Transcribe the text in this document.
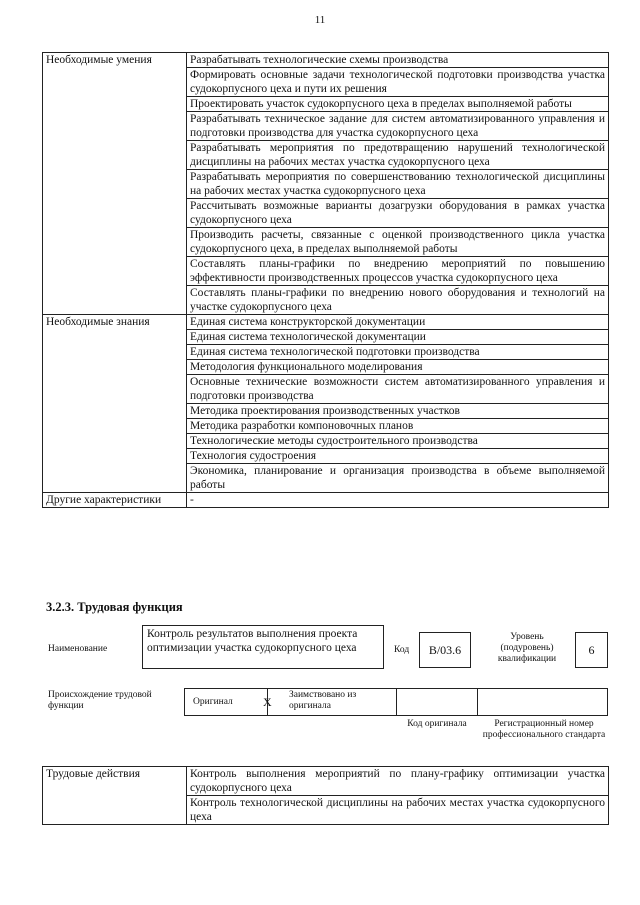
11
Необходимые умения	Разрабатывать технологические схемы производства
	Формировать основные задачи технологической подготовки производства участка судокорпусного цеха и пути их решения
	Проектировать участок судокорпусного цеха в пределах выполняемой работы
	Разрабатывать техническое задание для систем автоматизированного управления и подготовки производства для участка судокорпусного цеха
	Разрабатывать мероприятия по предотвращению нарушений технологической дисциплины на рабочих местах участка судокорпусного цеха
	Разрабатывать мероприятия по совершенствованию технологической дисциплины на рабочих местах участка судокорпусного цеха
	Рассчитывать возможные варианты дозагрузки оборудования в рамках участка судокорпусного цеха
	Производить расчеты, связанные с оценкой производственного цикла участка судокорпусного цеха, в пределах выполняемой работы
	Составлять планы-графики по внедрению мероприятий по повышению эффективности производственных процессов участка судокорпусного цеха
	Составлять планы-графики по внедрению нового оборудования и технологий на участке судокорпусного цеха
Необходимые знания	Единая система конструкторской документации
	Единая система технологической документации
	Единая система технологической подготовки производства
	Методология функционального моделирования
	Основные технические возможности систем автоматизированного управления и подготовки производства
	Методика проектирования производственных участков
	Методика разработки компоновочных планов
	Технологические методы судостроительного производства
	Технология судостроения
	Экономика, планирование и организация производства в объеме выполняемой работы
Другие характеристики	-
3.2.3. Трудовая функция
Наименование
Контроль результатов выполнения проекта оптимизации участка судокорпусного цеха	Код	B/03.6
Уровень (подуровень) квалификации
6
Происхождение трудовой функции	Оригинал	X Заимствовано из оригинала
Код оригинала	Регистрационный номер профессионального стандарта
Трудовые действия	Контроль выполнения мероприятий по плану-графику оптимизации участка судокорпусного цеха
Контроль технологической дисциплины на рабочих местах участка судокорпусного цеха
